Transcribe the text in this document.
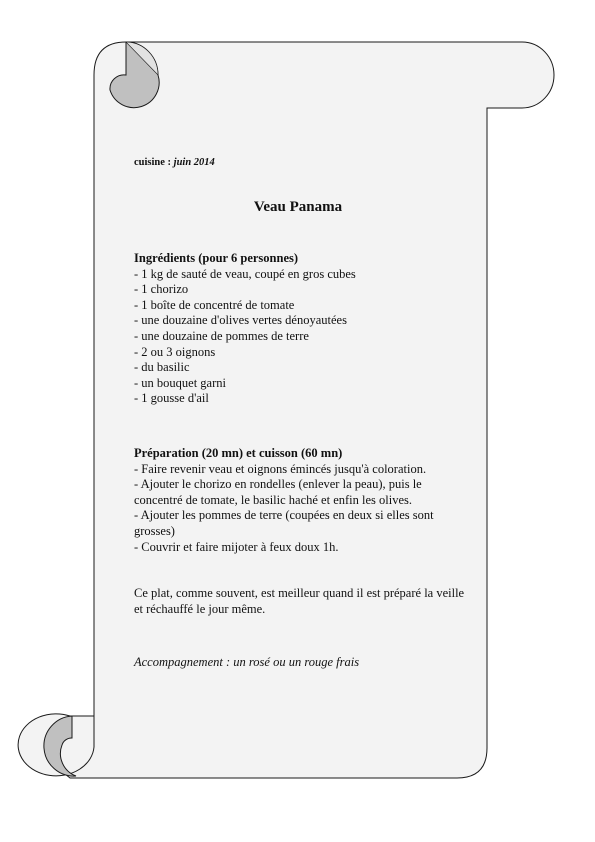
cuisine : juin 2014
Veau Panama
Ingrédients (pour 6 personnes)
- 1 kg de sauté de veau, coupé en gros cubes
- 1 chorizo
- 1 boîte de concentré de tomate
- une douzaine d'olives vertes dénoyautées
- une douzaine de pommes de terre
- 2 ou 3 oignons
- du basilic
- un bouquet garni
- 1 gousse d'ail
Préparation (20 mn) et cuisson (60 mn)
- Faire revenir veau et oignons émincés jusqu'à coloration.
- Ajouter le chorizo en rondelles (enlever la peau), puis le concentré de tomate, le basilic haché et enfin les olives.
- Ajouter les pommes de terre (coupées en deux si elles sont grosses)
- Couvrir et faire mijoter à feux doux 1h.
Ce plat, comme souvent, est meilleur quand il est préparé la veille et réchauffé le jour même.
Accompagnement : un rosé ou un rouge frais
